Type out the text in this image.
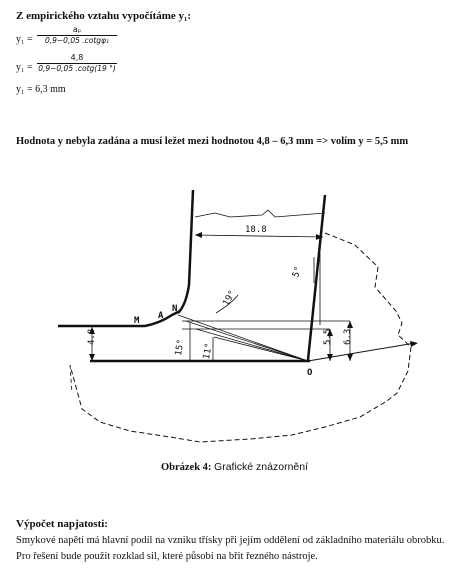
Z empirického vztahu vypočítáme y₁:
y₁ =
aₚ
0,9−0,05 .cotgφ₁
y₁ =
4,8
0,9−0,05 .cotg(19 °)
y₁ = 6,3 mm
Hodnota y nebyla zadána a musí ležet mezi hodnotou 4,8 – 6,3 mm => volím y = 5,5 mm
M A
N
O
18.8
4.8	5.5 6.3
5°
19°
15° 11°
Obrázek 4: Grafické znázornění
Výpočet napjatosti:
Smykové napětí má hlavní podíl na vzniku třísky při jejím oddělení od základního materiálu obrobku. Pro řešení bude použit rozklad sil, které působí na břit řezného nástroje.
